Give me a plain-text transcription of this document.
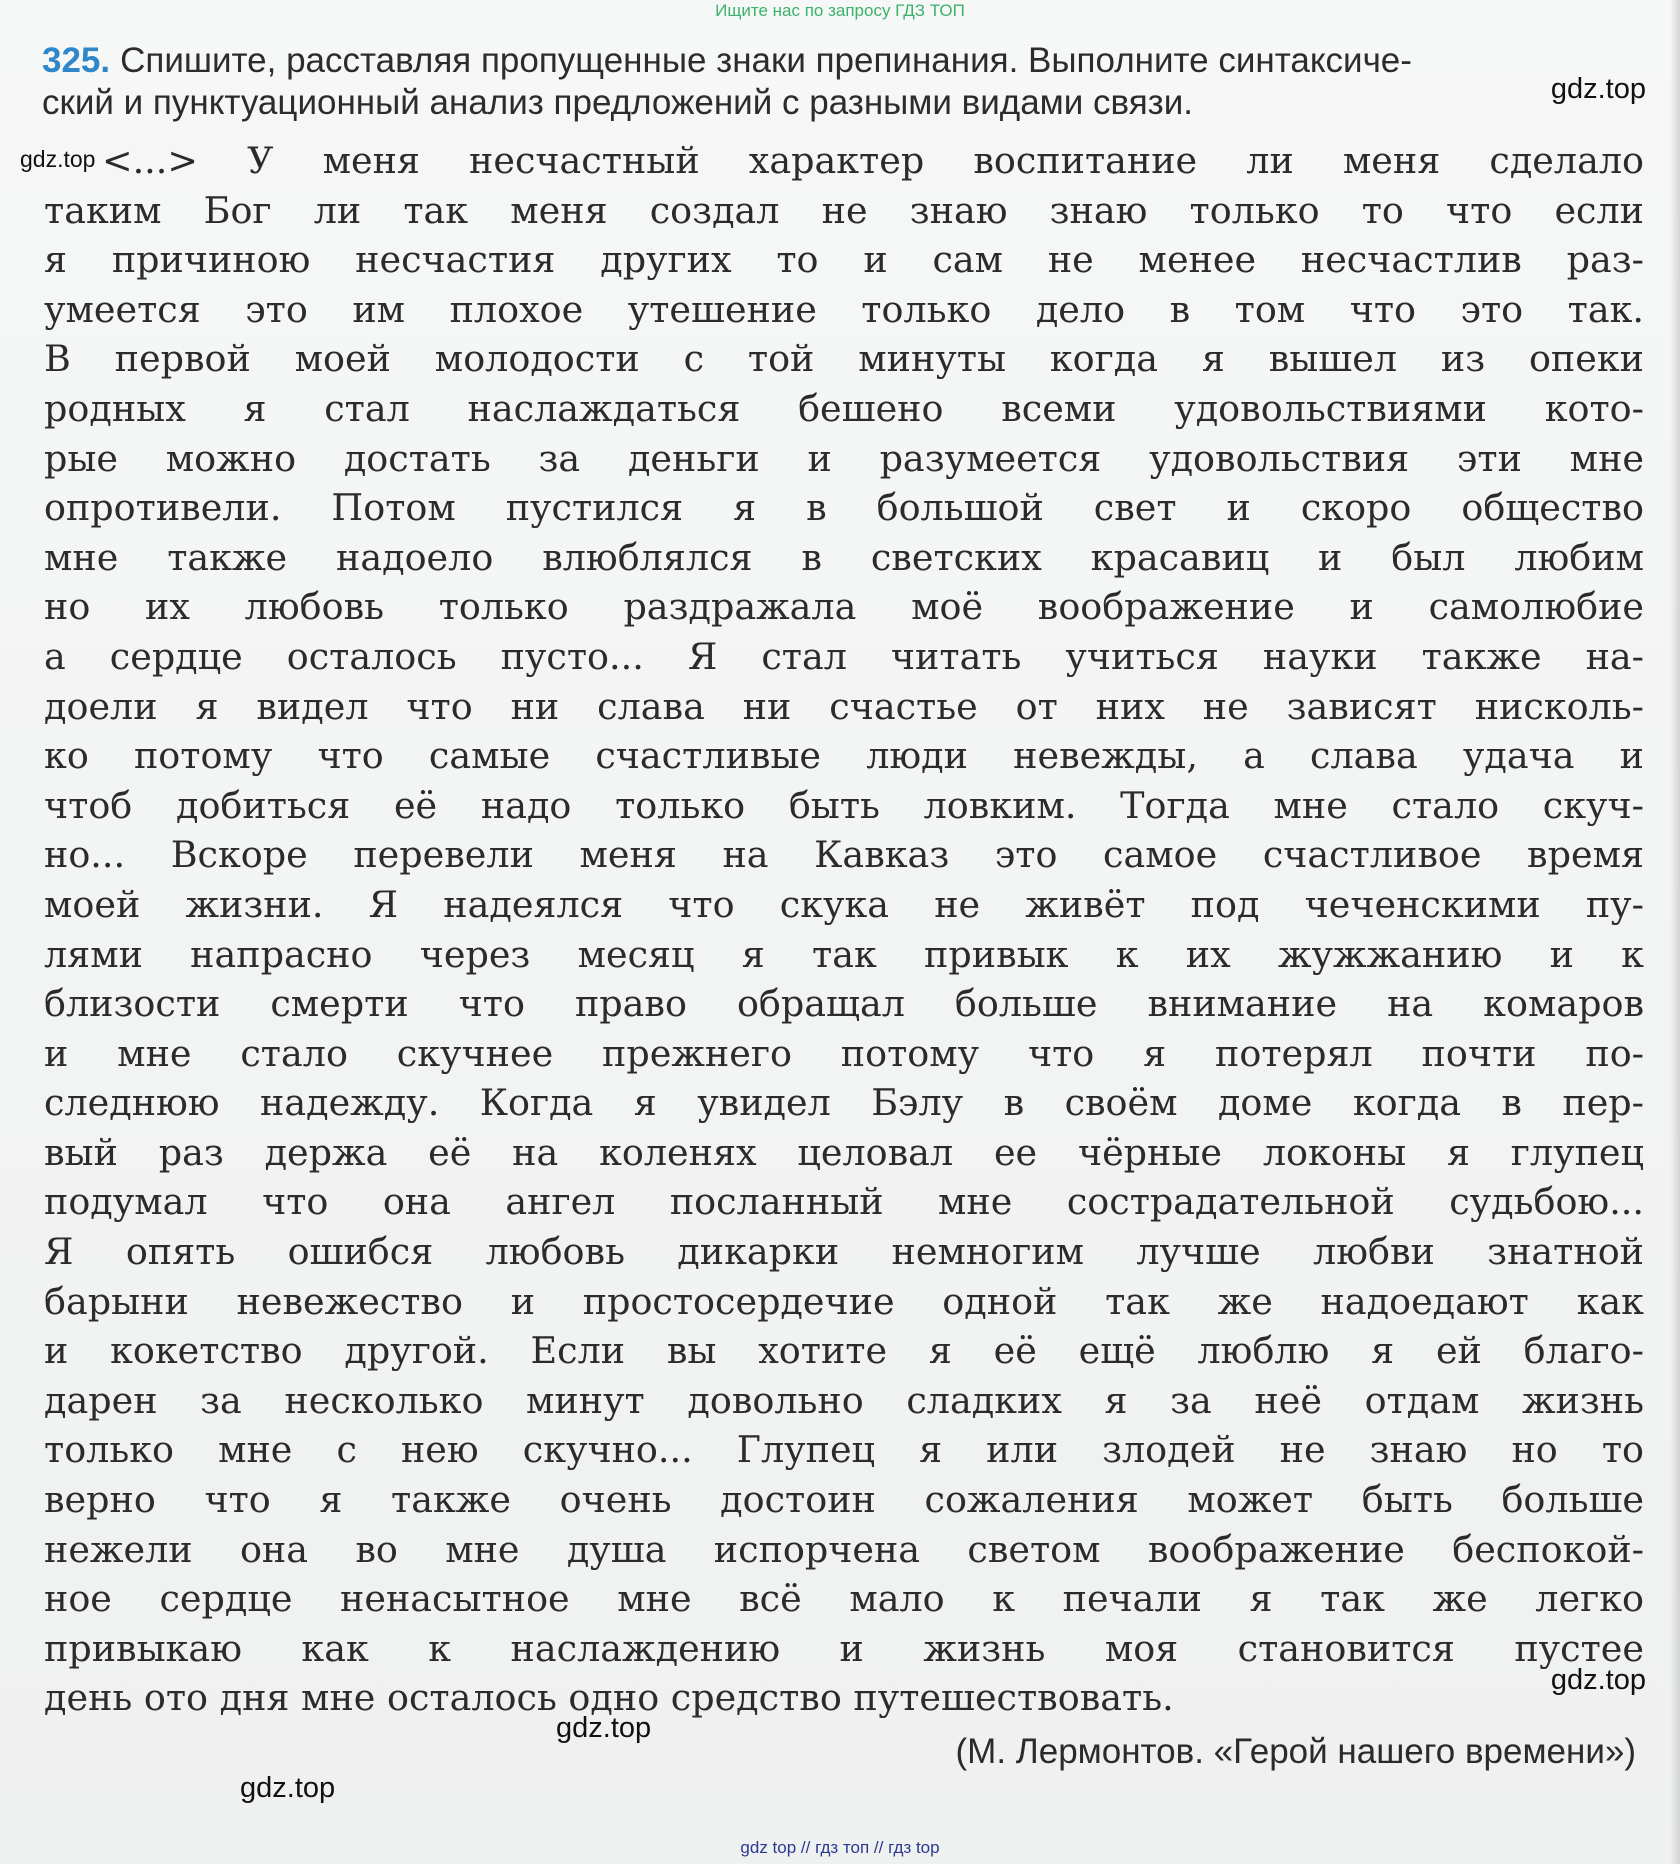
Ищите нас по запросу ГДЗ ТОП
325. Спишите, расставляя пропущенные знаки препинания. Выполните синтаксиче-
ский и пунктуационный анализ предложений с разными видами связи.	gdz.top
gdz.top <...> У меня несчастный характер воспитание ли меня сделало
таким Бог ли так меня создал не знаю знаю только то что если
я причиною несчастия других то и сам не менее несчастлив раз-
умеется это им плохое утешение только дело в том что это так.
В первой моей молодости с той минуты когда я вышел из опеки
родных я стал наслаждаться бешено всеми удовольствиями кото-
рые можно достать за деньги и разумеется удовольствия эти мне
опротивели. Потом пустился я в большой свет и скоро общество
мне также надоело влюблялся в светских красавиц и был любим
но их любовь только раздражала моё воображение и самолюбие
а сердце осталось пусто... Я стал читать учиться науки также на-
доели я видел что ни слава ни счастье от них не зависят нисколь-
ко потому что самые счастливые люди невежды, а слава удача и
чтоб добиться её надо только быть ловким. Тогда мне стало скуч-
но... Вскоре перевели меня на Кавказ это самое счастливое время
моей жизни. Я надеялся что скука не живёт под чеченскими пу-
лями напрасно через месяц я так привык к их жужжанию и к
близости смерти что право обращал больше внимание на комаров
и мне стало скучнее прежнего потому что я потерял почти по-
следнюю надежду. Когда я увидел Бэлу в своём доме когда в пер-
вый раз держа её на коленях целовал ее чёрные локоны я глупец
подумал что она ангел посланный мне сострадательной судьбою...
Я опять ошибся любовь дикарки немногим лучше любви знатной
барыни невежество и простосердечие одной так же надоедают как
и кокетство другой. Если вы хотите я её ещё люблю я ей благо-
дарен за несколько минут довольно сладких я за неё отдам жизнь
только мне с нею скучно... Глупец я или злодей не знаю но то
верно что я также очень достоин сожаления может быть больше
нежели она во мне душа испорчена светом воображение беспокой-
ное сердце ненасытное мне всё мало к печали я так же легко
привыкаю как к наслаждению и жизнь моя становится пустее
день ото дня мне осталось одно средство путешествовать.	gdz.top
gdz.top
(М. Лермонтов. «Герой нашего времени»)
gdz.top
gdz top // гдз топ // гдз top
